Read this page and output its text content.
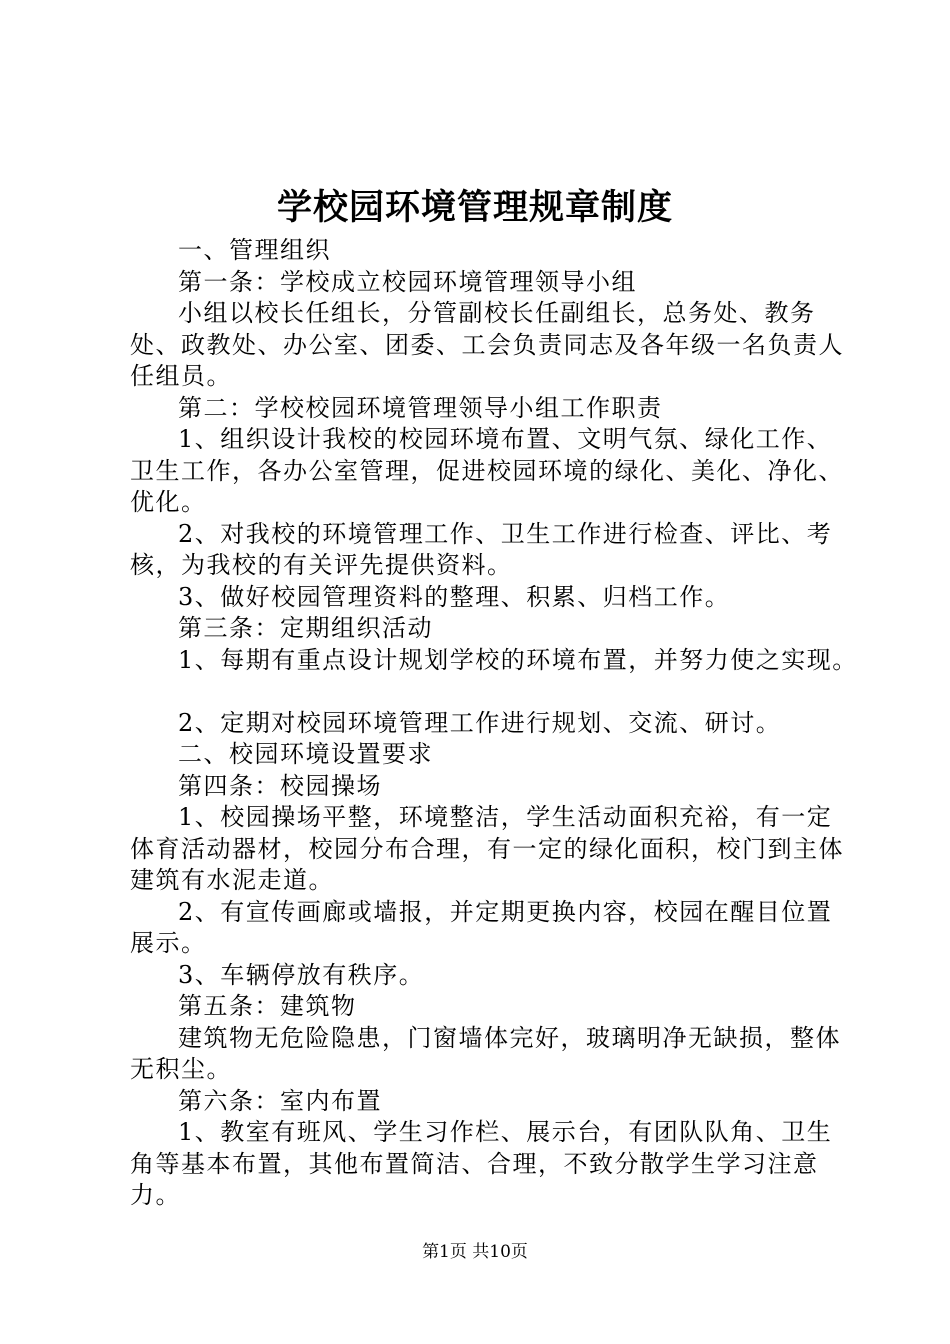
学校园环境管理规章制度

一、管理组织

第一条：学校成立校园环境管理领导小组

小组以校长任组长，分管副校长任副组长，总务处、教务处、政教处、办公室、团委、工会负责同志及各年级一名负责人任组员。

第二：学校校园环境管理领导小组工作职责

1、组织设计我校的校园环境布置、文明气氛、绿化工作、卫生工作，各办公室管理，促进校园环境的绿化、美化、净化、优化。

2、对我校的环境管理工作、卫生工作进行检查、评比、考核，为我校的有关评先提供资料。

3、做好校园管理资料的整理、积累、归档工作。

第三条：定期组织活动

1、每期有重点设计规划学校的环境布置，并努力使之实现。

2、定期对校园环境管理工作进行规划、交流、研讨。

二、校园环境设置要求

第四条：校园操场

1、校园操场平整，环境整洁，学生活动面积充裕，有一定体育活动器材，校园分布合理，有一定的绿化面积，校门到主体建筑有水泥走道。

2、有宣传画廊或墙报，并定期更换内容，校园在醒目位置展示。

3、车辆停放有秩序。

第五条：建筑物

建筑物无危险隐患，门窗墙体完好，玻璃明净无缺损，整体无积尘。

第六条：室内布置

1、教室有班风、学生习作栏、展示台，有团队队角、卫生角等基本布置，其他布置简洁、合理，不致分散学生学习注意力。

第1页 共10页
